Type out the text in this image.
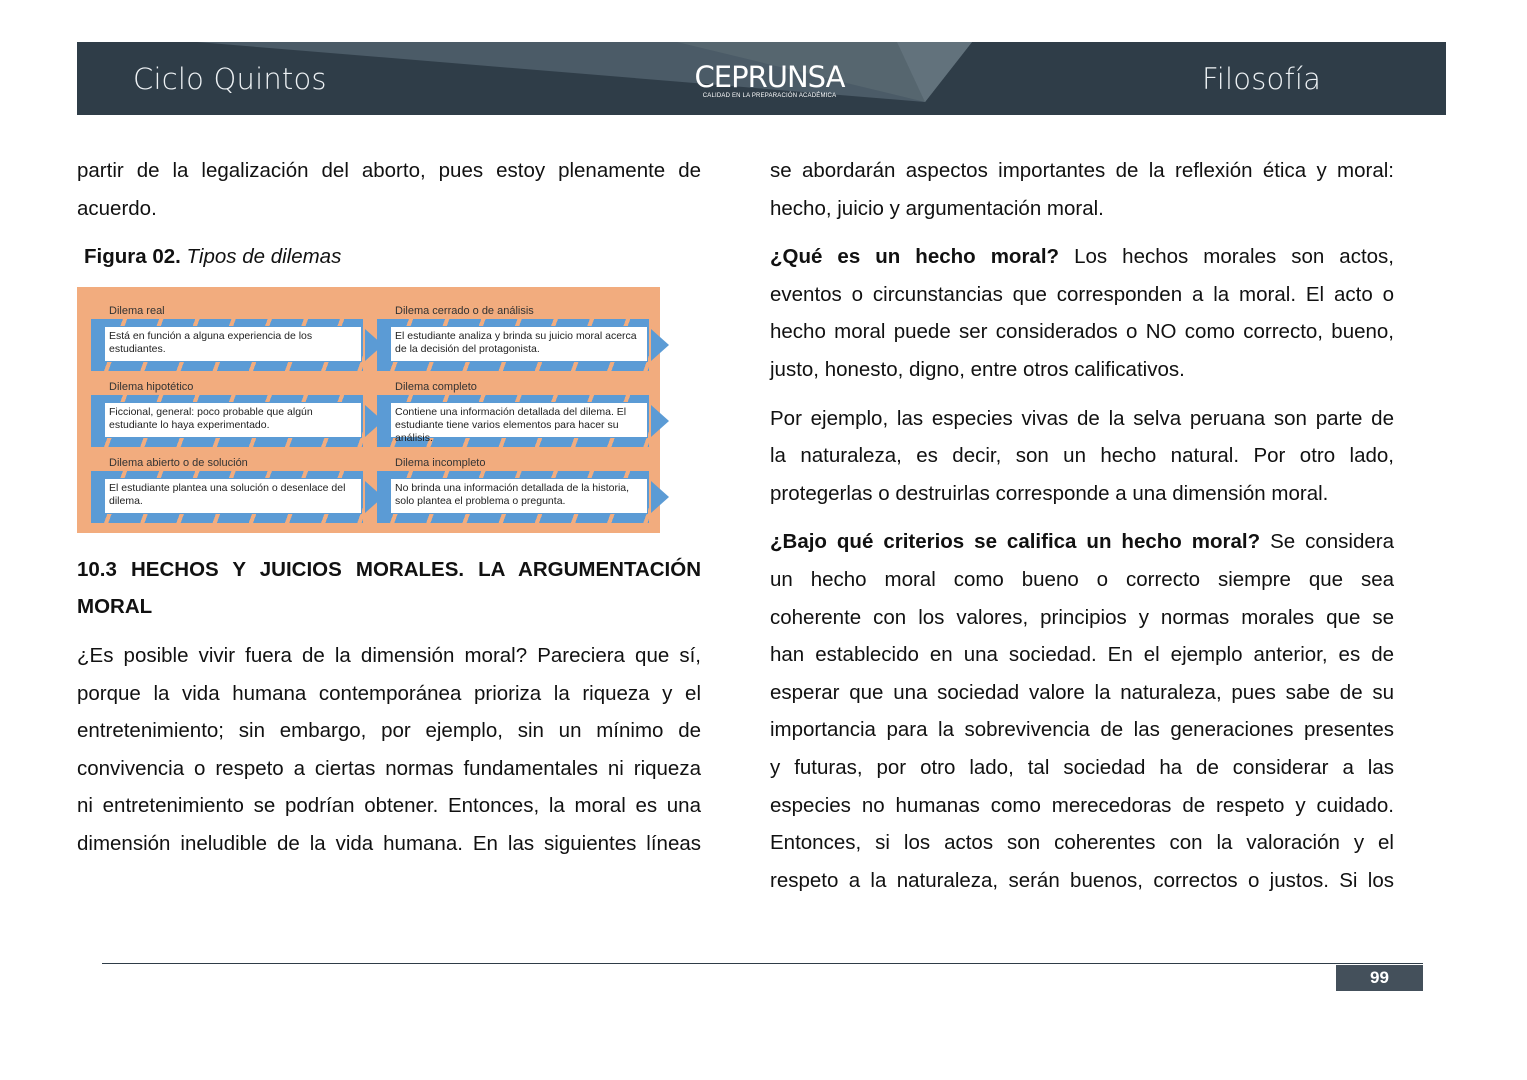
Ciclo Quintos	CEPRUNSA
CALIDAD EN LA PREPARACIÓN ACADÉMICA	Filosofía
partir de la legalización del aborto, pues estoy plenamente de
acuerdo.
Figura 02. Tipos de dilemas
Dilema real
Está en función a alguna experiencia de los estudiantes.
Dilema cerrado o de análisis
El estudiante analiza y brinda su juicio moral acerca de la decisión del protagonista.
Dilema hipotético
Ficcional, general: poco probable que algún estudiante lo haya experimentado.
Dilema completo
Contiene una información detallada del dilema. El estudiante tiene varios elementos para hacer su análisis.
Dilema abierto o de solución
El estudiante plantea una solución o desenlace del dilema.
Dilema incompleto
No brinda una información detallada de la historia, solo plantea el problema o pregunta.
10.3 HECHOS Y JUICIOS MORALES. LA ARGUMENTACIÓN
MORAL
¿Es posible vivir fuera de la dimensión moral? Pareciera que sí,
porque la vida humana contemporánea prioriza la riqueza y el
entretenimiento; sin embargo, por ejemplo, sin un mínimo de
convivencia o respeto a ciertas normas fundamentales ni riqueza
ni entretenimiento se podrían obtener. Entonces, la moral es una
dimensión ineludible de la vida humana. En las siguientes líneas
se abordarán aspectos importantes de la reflexión ética y moral:
hecho, juicio y argumentación moral.
¿Qué es un hecho moral? Los hechos morales son actos,
eventos o circunstancias que corresponden a la moral. El acto o
hecho moral puede ser considerados o NO como correcto, bueno,
justo, honesto, digno, entre otros calificativos.
Por ejemplo, las especies vivas de la selva peruana son parte de
la naturaleza, es decir, son un hecho natural. Por otro lado,
protegerlas o destruirlas corresponde a una dimensión moral.
¿Bajo qué criterios se califica un hecho moral? Se considera
un hecho moral como bueno o correcto siempre que sea
coherente con los valores, principios y normas morales que se
han establecido en una sociedad. En el ejemplo anterior, es de
esperar que una sociedad valore la naturaleza, pues sabe de su
importancia para la sobrevivencia de las generaciones presentes
y futuras, por otro lado, tal sociedad ha de considerar a las
especies no humanas como merecedoras de respeto y cuidado.
Entonces, si los actos son coherentes con la valoración y el
respeto a la naturaleza, serán buenos, correctos o justos. Si los
99
